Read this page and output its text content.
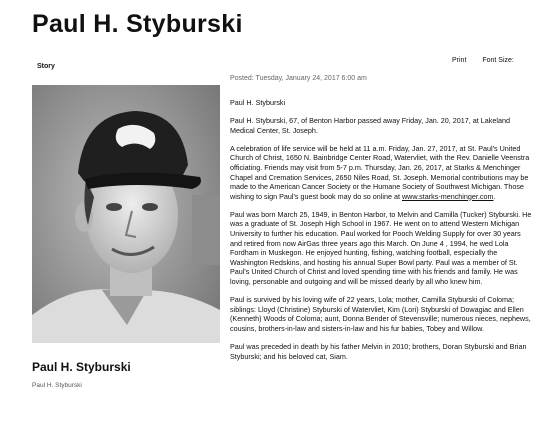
Paul H. Styburski
Story
Print Font Size:
Paul H. Styburski
Paul H. Styburski
Posted: Tuesday, January 24, 2017 6:00 am

Paul H. Styburski

Paul H. Styburski, 67, of Benton Harbor passed away Friday, Jan. 20, 2017, at Lakeland Medical Center, St. Joseph.

A celebration of life service will be held at 11 a.m. Friday, Jan. 27, 2017, at St. Paul's United Church of Christ, 1650 N. Bainbridge Center Road, Watervliet, with the Rev. Danielle Veenstra officiating. Friends may visit from 5-7 p.m. Thursday, Jan. 26, 2017, at Starks & Menchinger Chapel and Cremation Services, 2650 Niles Road, St. Joseph. Memorial contributions may be made to the American Cancer Society or the Humane Society of Southwest Michigan. Those wishing to sign Paul's guest book may do so online at www.starks-menchinger.com.

Paul was born March 25, 1949, in Benton Harbor, to Melvin and Camilla (Tucker) Styburski. He was a graduate of St. Joseph High School in 1967. He went on to attend Western Michigan University to further his education. Paul worked for Pooch Welding Supply for over 30 years and retired from now AirGas three years ago this March. On June 4 , 1994, he wed Lola Fordham in Muskegon. He enjoyed hunting, fishing, watching football, especially the Washington Redskins, and hosting his annual Super Bowl party. Paul was a member of St. Paul's United Church of Christ and loved spending time with his friends and family. He was loving, personable and outgoing and will be missed dearly by all who knew him.

Paul is survived by his loving wife of 22 years, Lola; mother, Camilla Styburski of Coloma; siblings: Lloyd (Christine) Styburski of Watervliet, Kim (Lori) Styburski of Dowagiac and Ellen (Kenneth) Woods of Coloma; aunt, Donna Bender of Stevensville; numerous nieces, nephews, cousins, brothers-in-law and sisters-in-law and his fur babies, Tobey and Willow.

Paul was preceded in death by his father Melvin in 2010; brothers, Doran Styburski and Brian Styburski; and his beloved cat, Siam.
